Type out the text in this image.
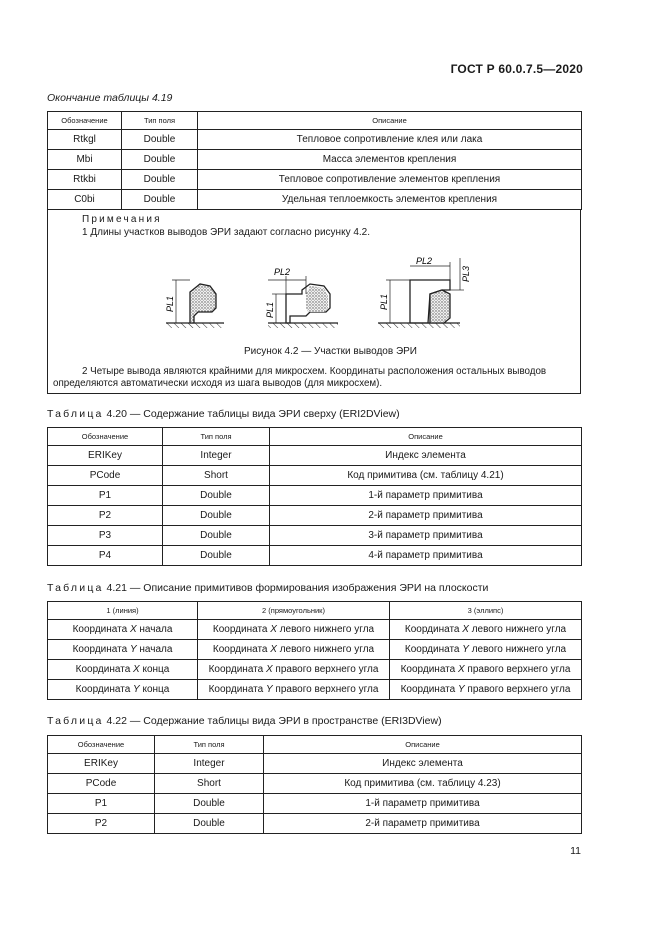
ГОСТ Р 60.0.7.5—2020
Окончание таблицы 4.19
Обозначение	Тип поля	Описание
Rtkgl	Double	Тепловое сопротивление клея или лака
Mbi	Double	Масса элементов крепления
Rtkbi	Double	Тепловое сопротивление элементов крепления
C0bi	Double	Удельная теплоемкость элементов крепления
Примечания
1 Длины участков выводов ЭРИ задают согласно рисунку 4.2.
PL1
PL2
PL1
PL2
PL3
PL1
Рисунок 4.2 — Участки выводов ЭРИ
2 Четыре вывода являются крайними для микросхем. Координаты расположения остальных выводов
определяются автоматически исходя из шага выводов (для микросхем).
Таблица 4.20 — Содержание таблицы вида ЭРИ сверху (ERI2DView)
Обозначение	Тип поля	Описание
ERIKey	Integer	Индекс элемента
PCode	Short	Код примитива (см. таблицу 4.21)
P1	Double	1-й параметр примитива
P2	Double	2-й параметр примитива
P3	Double	3-й параметр примитива
P4	Double	4-й параметр примитива
Таблица 4.21 — Описание примитивов формирования изображения ЭРИ на плоскости
1 (линия)	2 (прямоугольник)	3 (эллипс)
Координата X начала	Координата X левого нижнего угла	Координата X левого нижнего угла
Координата Y начала	Координата X левого нижнего угла	Координата Y левого нижнего угла
Координата X конца	Координата X правого верхнего угла	Координата X правого верхнего угла
Координата Y конца	Координата Y правого верхнего угла	Координата Y правого верхнего угла
Таблица 4.22 — Содержание таблицы вида ЭРИ в пространстве (ERI3DView)
Обозначение	Тип поля	Описание
ERIKey	Integer	Индекс элемента
PCode	Short	Код примитива (см. таблицу 4.23)
P1	Double	1-й параметр примитива
P2	Double	2-й параметр примитива
11
